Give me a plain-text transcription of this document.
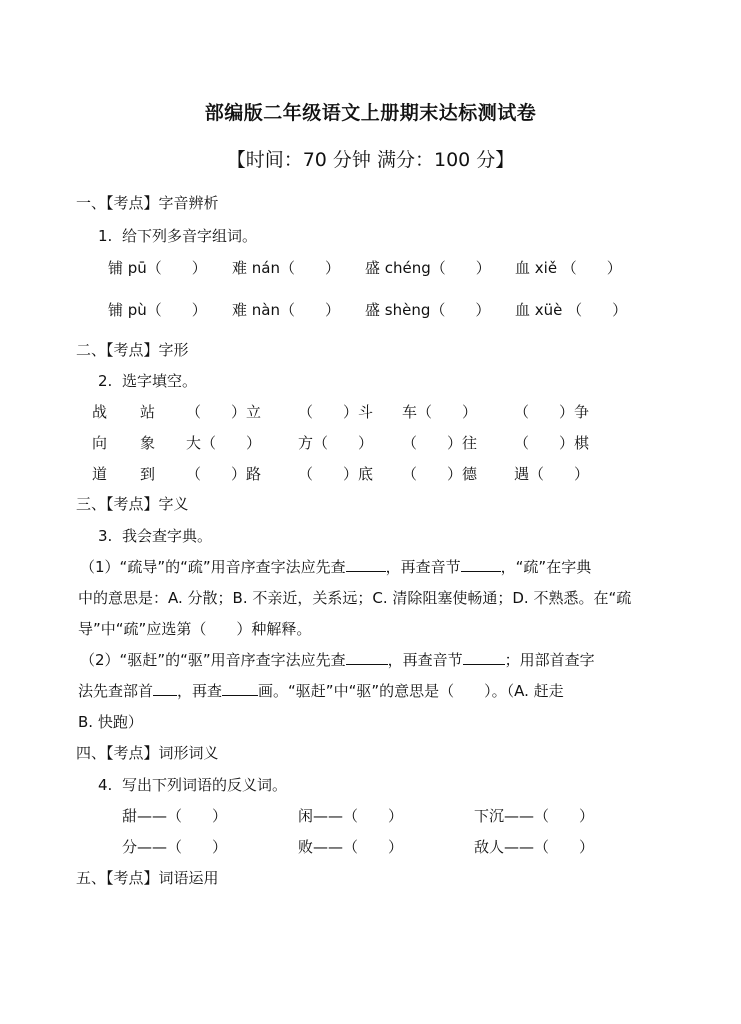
部编版二年级语文上册期末达标测试卷
【时间：70 分钟 满分：100 分】
一、【考点】字音辨析
1. 给下列多音字组词。
铺 pū（　　） 难 nán（　　） 盛 chéng（　　） 血 xiě （　　）
铺 pù（　　） 难 nàn（　　） 盛 shèng（　　） 血 xüè （　　）
二、【考点】字形
2. 选字填空。
战 站 （　　）立 （　　）斗 车（　　） （　　）争
向 象 大（　　） 方（　　） （　　）往 （　　）棋
道 到 （　　）路 （　　）底 （　　）德 遇（　　）
三、【考点】字义
3. 我会查字典。
（1）“疏导”的“疏”用音序查字法应先查	，再查音节	，“疏”在字典
中的意思是：A. 分散；B. 不亲近，关系远；C. 清除阻塞使畅通；D. 不熟悉。在“疏
导”中“疏”应选第（　　）种解释。
（2）“驱赶”的“驱”用音序查字法应先查	，再查音节	；用部首查字
法先查部首 ，再查 画。“驱赶”中“驱”的意思是（　　）。（A. 赶走
B. 快跑）
四、【考点】词形词义
4. 写出下列词语的反义词。
甜——（　　）	闲——（　　）	下沉——（　　）
分——（　　）	败——（　　）	敌人——（　　）
五、【考点】词语运用
